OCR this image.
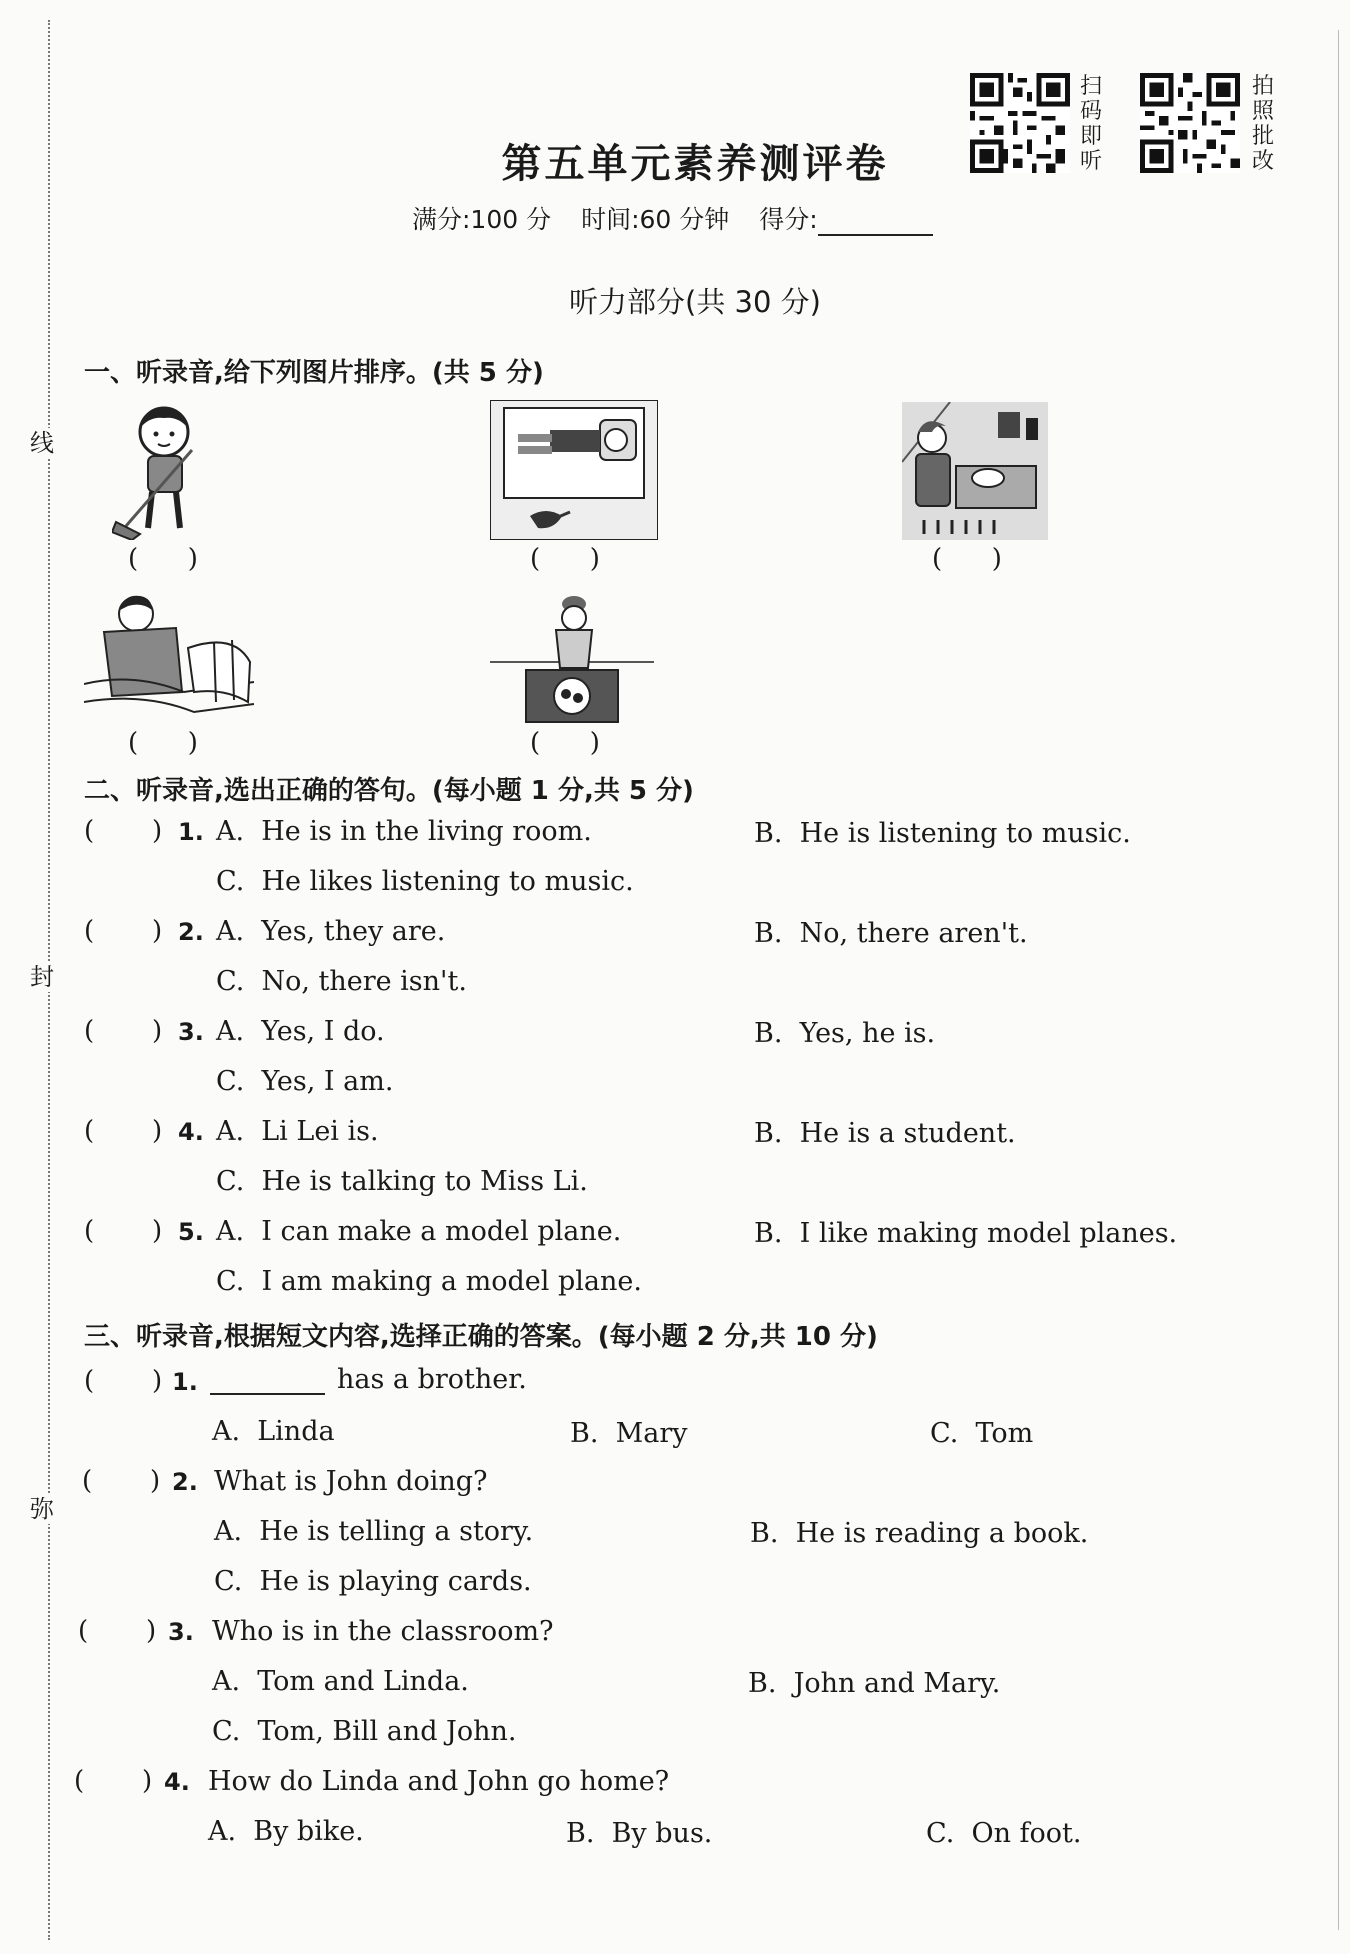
线
封
弥
扫
码
即
听
拍
照
批
改
第五单元素养测评卷
满分:100 分 时间:60 分钟 得分:
听力部分(共 30 分)
一、听录音,给下列图片排序。(共 5 分)
(      )	(      )	(      )
(      )	(      )
二、听录音,选出正确的答句。(每小题 1 分,共 5 分)
(       ) 1. A.  He is in the living room.	B.  He is listening to music.
C.  He likes listening to music.
(       ) 2. A.  Yes, they are.	B.  No, there aren't.
C.  No, there isn't.
(       ) 3. A.  Yes, I do.	B.  Yes, he is.
C.  Yes, I am.
(       ) 4. A.  Li Lei is.	B.  He is a student.
C.  He is talking to Miss Li.
(       ) 5. A.  I can make a model plane.	B.  I like making model planes.
C.  I am making a model plane.
三、听录音,根据短文内容,选择正确的答案。(每小题 2 分,共 10 分)
(       ) 1.	has a brother.
A.  Linda	B.  Mary	C.  Tom
(       ) 2. What is John doing?
A.  He is telling a story.	B.  He is reading a book.
C.  He is playing cards.
(       ) 3. Who is in the classroom?
A.  Tom and Linda.	B.  John and Mary.
C.  Tom, Bill and John.
(       ) 4. How do Linda and John go home?
A.  By bike.	B.  By bus.	C.  On foot.
